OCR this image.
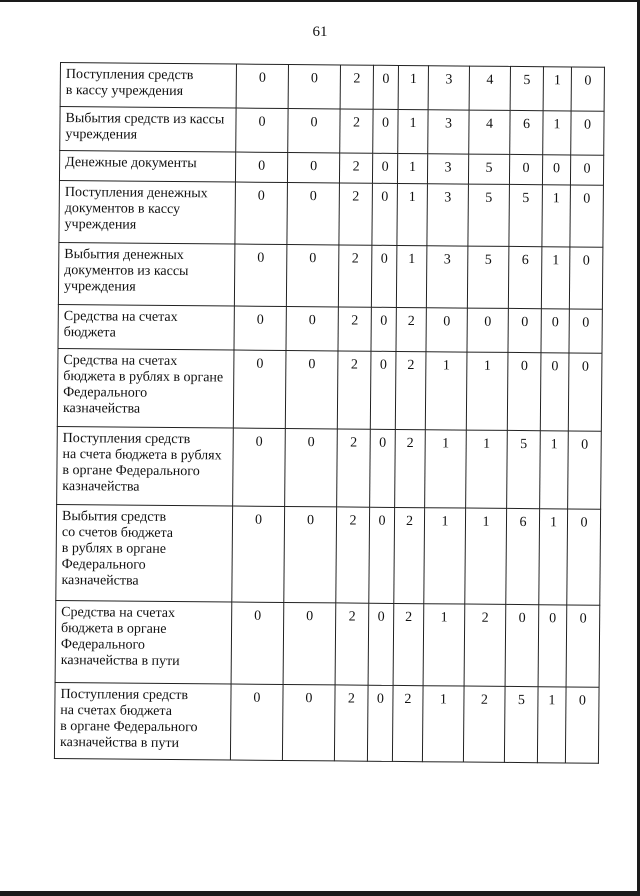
61
Поступления средств
в кассу учреждения	0	0	2	0	1	3	4	5	1	0
Выбытия средств из кассы
учреждения	0	0	2	0	1	3	4	6	1	0
Денежные документы	0	0	2	0	1	3	5	0	0	0
Поступления денежных
документов в кассу
учреждения	0	0	2	0	1	3	5	5	1	0
Выбытия денежных
документов из кассы
учреждения	0	0	2	0	1	3	5	6	1	0
Средства на счетах
бюджета	0	0	2	0	2	0	0	0	0	0
Средства на счетах
бюджета в рублях в органе
Федерального
казначейства	0	0	2	0	2	1	1	0	0	0
Поступления средств
на счета бюджета в рублях
в органе Федерального
казначейства	0	0	2	0	2	1	1	5	1	0
Выбытия средств
со счетов бюджета
в рублях в органе
Федерального
казначейства	0	0	2	0	2	1	1	6	1	0
Средства на счетах
бюджета в органе
Федерального
казначейства в пути	0	0	2	0	2	1	2	0	0	0
Поступления средств
на счетах бюджета
в органе Федерального
казначейства в пути	0	0	2	0	2	1	2	5	1	0
